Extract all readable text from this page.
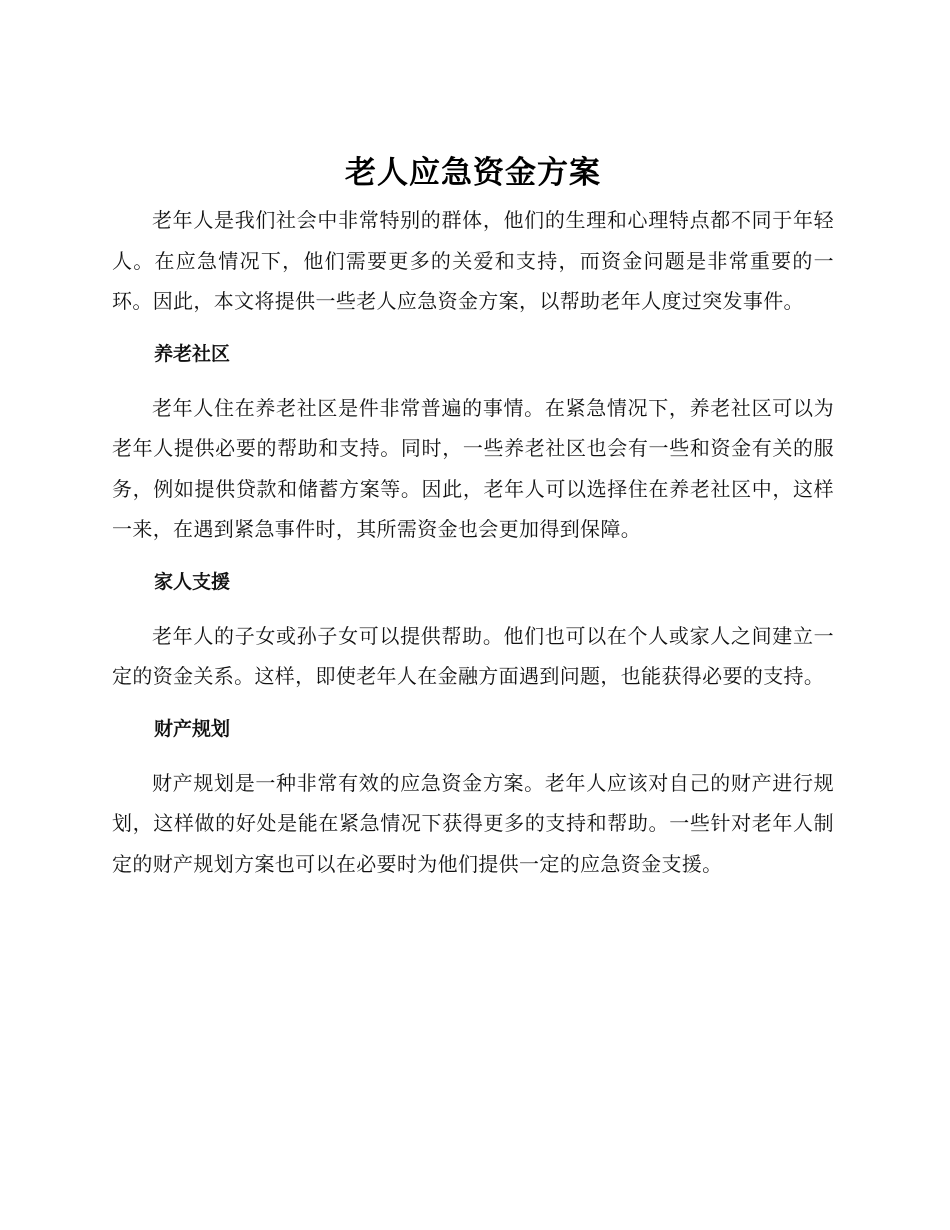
老人应急资金方案

老年人是我们社会中非常特别的群体，他们的生理和心理特点都不同于年轻人。在应急情况下，他们需要更多的关爱和支持，而资金问题是非常重要的一环。因此，本文将提供一些老人应急资金方案，以帮助老年人度过突发事件。

养老社区

老年人住在养老社区是件非常普遍的事情。在紧急情况下，养老社区可以为老年人提供必要的帮助和支持。同时，一些养老社区也会有一些和资金有关的服务，例如提供贷款和储蓄方案等。因此，老年人可以选择住在养老社区中，这样一来，在遇到紧急事件时，其所需资金也会更加得到保障。

家人支援

老年人的子女或孙子女可以提供帮助。他们也可以在个人或家人之间建立一定的资金关系。这样，即使老年人在金融方面遇到问题，也能获得必要的支持。

财产规划

财产规划是一种非常有效的应急资金方案。老年人应该对自己的财产进行规划，这样做的好处是能在紧急情况下获得更多的支持和帮助。一些针对老年人制定的财产规划方案也可以在必要时为他们提供一定的应急资金支援。
